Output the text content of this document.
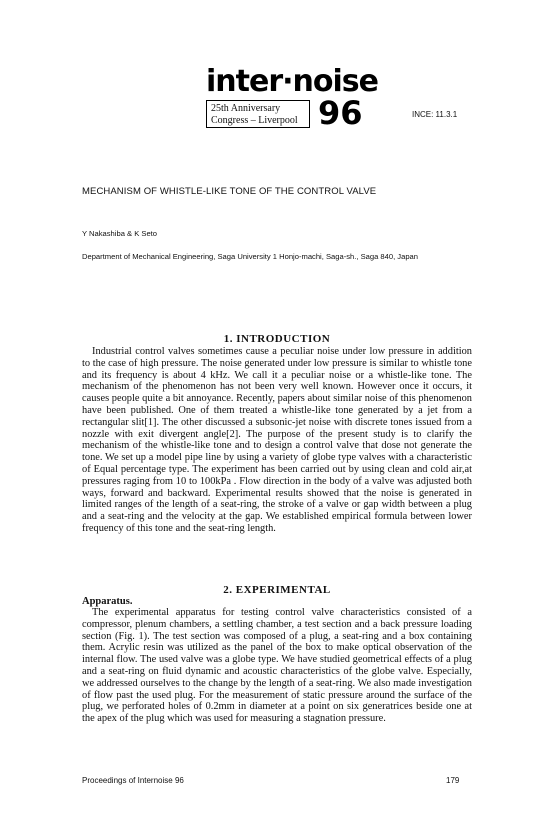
inter·noise
25th Anniversary
Congress – Liverpool 96	INCE: 11.3.1
MECHANISM OF WHISTLE-LIKE TONE OF THE CONTROL VALVE
Y Nakashiba & K Seto
Department of Mechanical Engineering, Saga University 1 Honjo-machi, Saga-sh., Saga 840, Japan
1. INTRODUCTION

Industrial control valves sometimes cause a peculiar noise under low pressure in addition to the case of high pressure. The noise generated under low pressure is similar to whistle tone and its frequency is about 4 kHz. We call it a peculiar noise or a whistle-like tone. The mechanism of the phenomenon has not been very well known. However once it occurs, it causes people quite a bit annoyance. Recently, papers about similar noise of this phenomenon have been published. One of them treated a whistle-like tone generated by a jet from a rectangular slit[1]. The other discussed a subsonic-jet noise with discrete tones issued from a nozzle with exit divergent angle[2]. The purpose of the present study is to clarify the mechanism of the whistle-like tone and to design a control valve that dose not generate the tone. We set up a model pipe line by using a variety of globe type valves with a characteristic of Equal percentage type. The experiment has been carried out by using clean and cold air,at pressures raging from 10 to 100kPa . Flow direction in the body of a valve was adjusted both ways, forward and backward. Experimental results showed that the noise is generated in limited ranges of the length of a seat-ring, the stroke of a valve or gap width between a plug and a seat-ring and the velocity at the gap. We established empirical formula between lower frequency of this tone and the seat-ring length.

2. EXPERIMENTAL
Apparatus.

The experimental apparatus for testing control valve characteristics consisted of a compressor, plenum chambers, a settling chamber, a test section and a back pressure loading section (Fig. 1). The test section was composed of a plug, a seat-ring and a box containing them. Acrylic resin was utilized as the panel of the box to make optical observation of the internal flow. The used valve was a globe type. We have studied geometrical effects of a plug and a seat-ring on fluid dynamic and acoustic characteristics of the globe valve. Especially, we addressed ourselves to the change by the length of a seat-ring. We also made investigation of flow past the used plug. For the measurement of static pressure around the surface of the plug, we perforated holes of 0.2mm in diameter at a point on six generatrices beside one at the apex of the plug which was used for measuring a stagnation pressure.

Proceedings of Internoise 96	179
